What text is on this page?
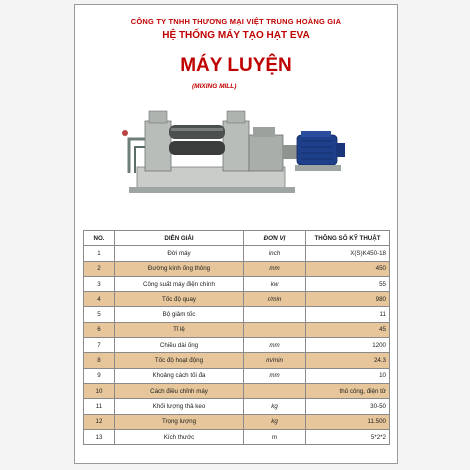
CÔNG TY TNHH THƯƠNG MẠI VIỆT TRUNG HOÀNG GIA
HỆ THỐNG MÁY TẠO HẠT EVA
MÁY LUYỆN
(MIXING MILL)
NO.	DIỄN GIẢI	ĐƠN VỊ	THÔNG SỐ KỸ THUẬT
1	Đời máy	inch	X(S)K450-18
2	Đường kính ống thông	mm	450
3	Công suất máy điện chính	kw	55
4	Tốc độ quay	r/min	980
5	Bộ giảm tốc		11
6	Tỉ lệ		45
7	Chiều dài ống	mm	1200
8	Tốc độ hoạt động	m/min	24.3
9	Khoảng cách tối đa	mm	10
10	Cách điều chỉnh máy		thủ công, điện tử
11	Khối lượng thả keo	kg	30-50
12	Trọng lượng	kg	11.500
13	Kích thước	m	5*2*2
